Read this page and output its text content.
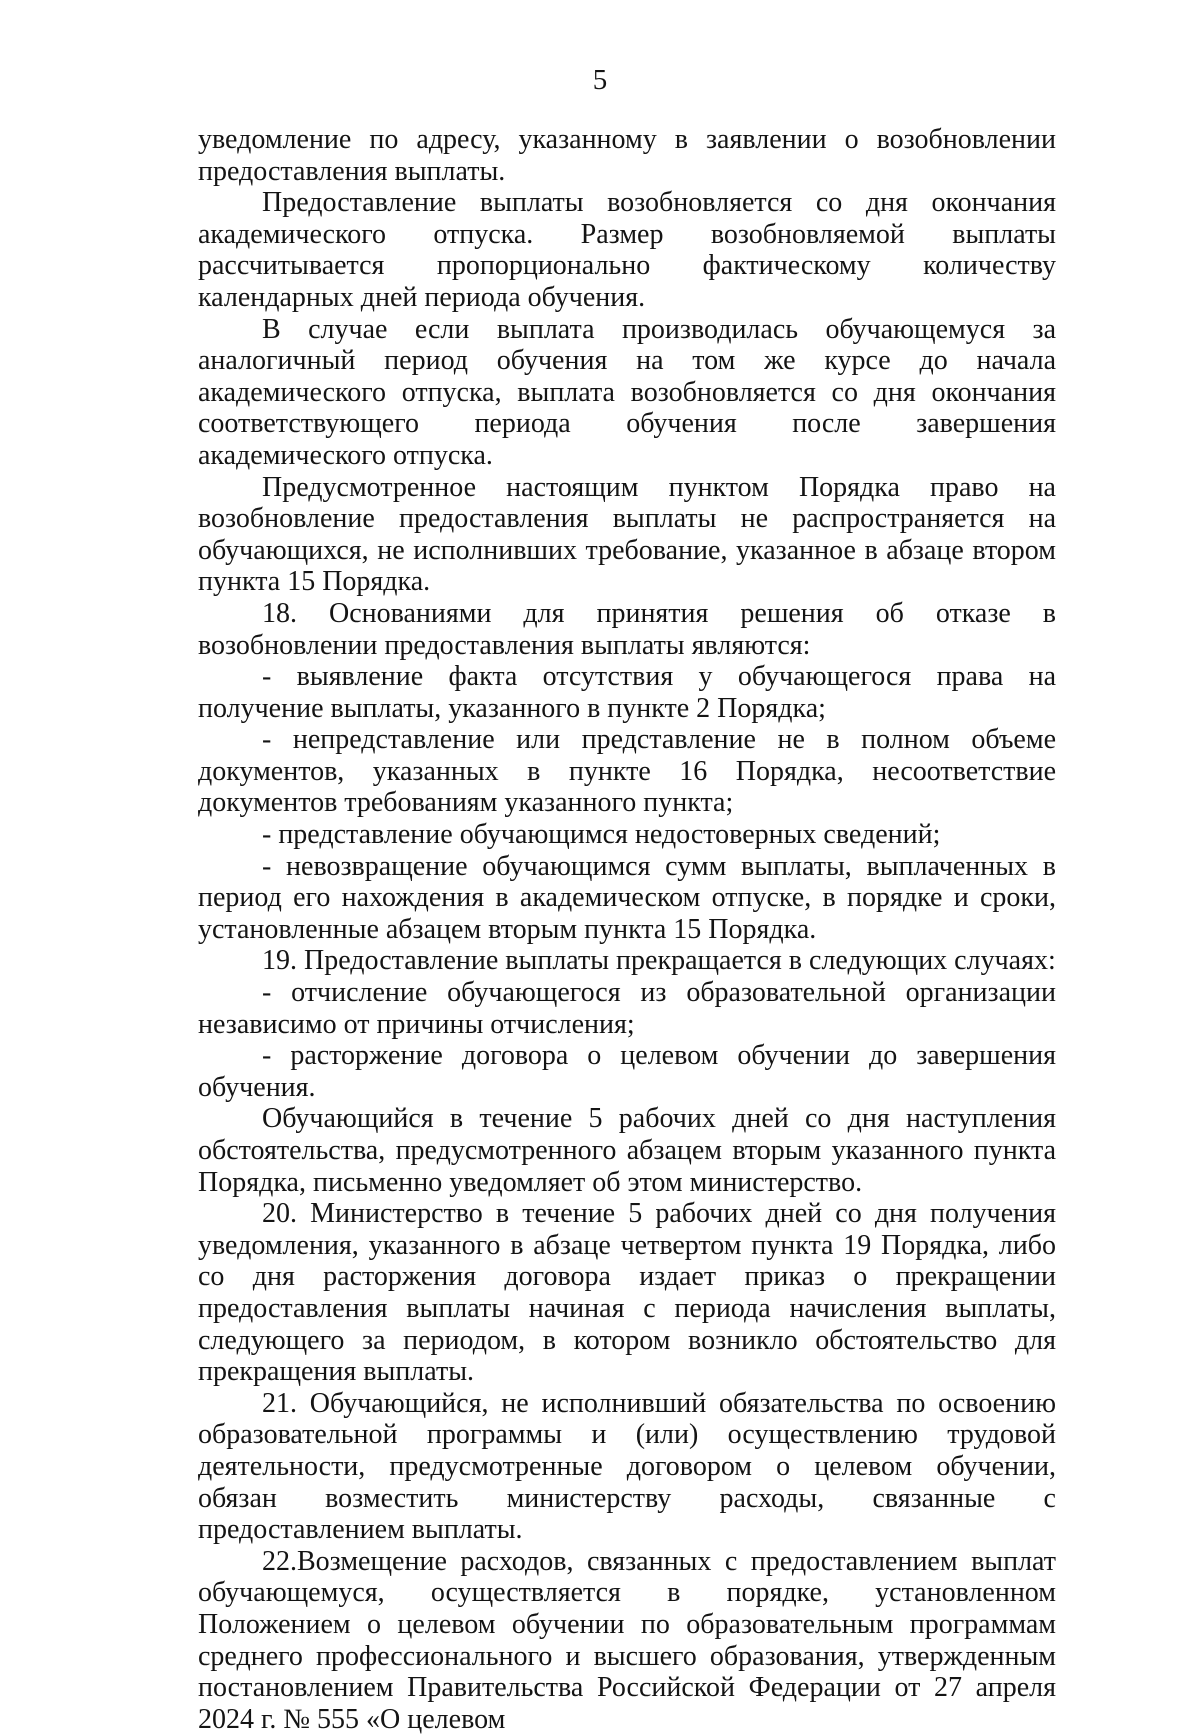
5

уведомление по адресу, указанному в заявлении о возобновлении предоставления выплаты.

Предоставление выплаты возобновляется со дня окончания академического отпуска. Размер возобновляемой выплаты рассчитывается пропорционально фактическому количеству календарных дней периода обучения.

В случае если выплата производилась обучающемуся за аналогичный период обучения на том же курсе до начала академического отпуска, выплата возобновляется со дня окончания соответствующего периода обучения после завершения академического отпуска.

Предусмотренное настоящим пунктом Порядка право на возобновление предоставления выплаты не распространяется на обучающихся, не исполнивших требование, указанное в абзаце втором пункта 15 Порядка.

18. Основаниями для принятия решения об отказе в возобновлении предоставления выплаты являются:

- выявление факта отсутствия у обучающегося права на получение выплаты, указанного в пункте 2 Порядка;

- непредставление или представление не в полном объеме документов, указанных в пункте 16 Порядка, несоответствие документов требованиям указанного пункта;

- представление обучающимся недостоверных сведений;

- невозвращение обучающимся сумм выплаты, выплаченных в период его нахождения в академическом отпуске, в порядке и сроки, установленные абзацем вторым пункта 15 Порядка.

19. Предоставление выплаты прекращается в следующих случаях:

- отчисление обучающегося из образовательной организации независимо от причины отчисления;

- расторжение договора о целевом обучении до завершения обучения.

Обучающийся в течение 5 рабочих дней со дня наступления обстоятельства, предусмотренного абзацем вторым указанного пункта Порядка, письменно уведомляет об этом министерство.

20. Министерство в течение 5 рабочих дней со дня получения уведомления, указанного в абзаце четвертом пункта 19 Порядка, либо со дня расторжения договора издает приказ о прекращении предоставления выплаты начиная с периода начисления выплаты, следующего за периодом, в котором возникло обстоятельство для прекращения выплаты.

21. Обучающийся, не исполнивший обязательства по освоению образовательной программы и (или) осуществлению трудовой деятельности, предусмотренные договором о целевом обучении, обязан возместить министерству расходы, связанные с предоставлением выплаты.

22.Возмещение расходов, связанных с предоставлением выплат обучающемуся, осуществляется в порядке, установленном Положением о целевом обучении по образовательным программам среднего профессионального и высшего образования, утвержденным постановлением Правительства Российской Федерации от 27 апреля 2024 г. № 555 «О целевом
